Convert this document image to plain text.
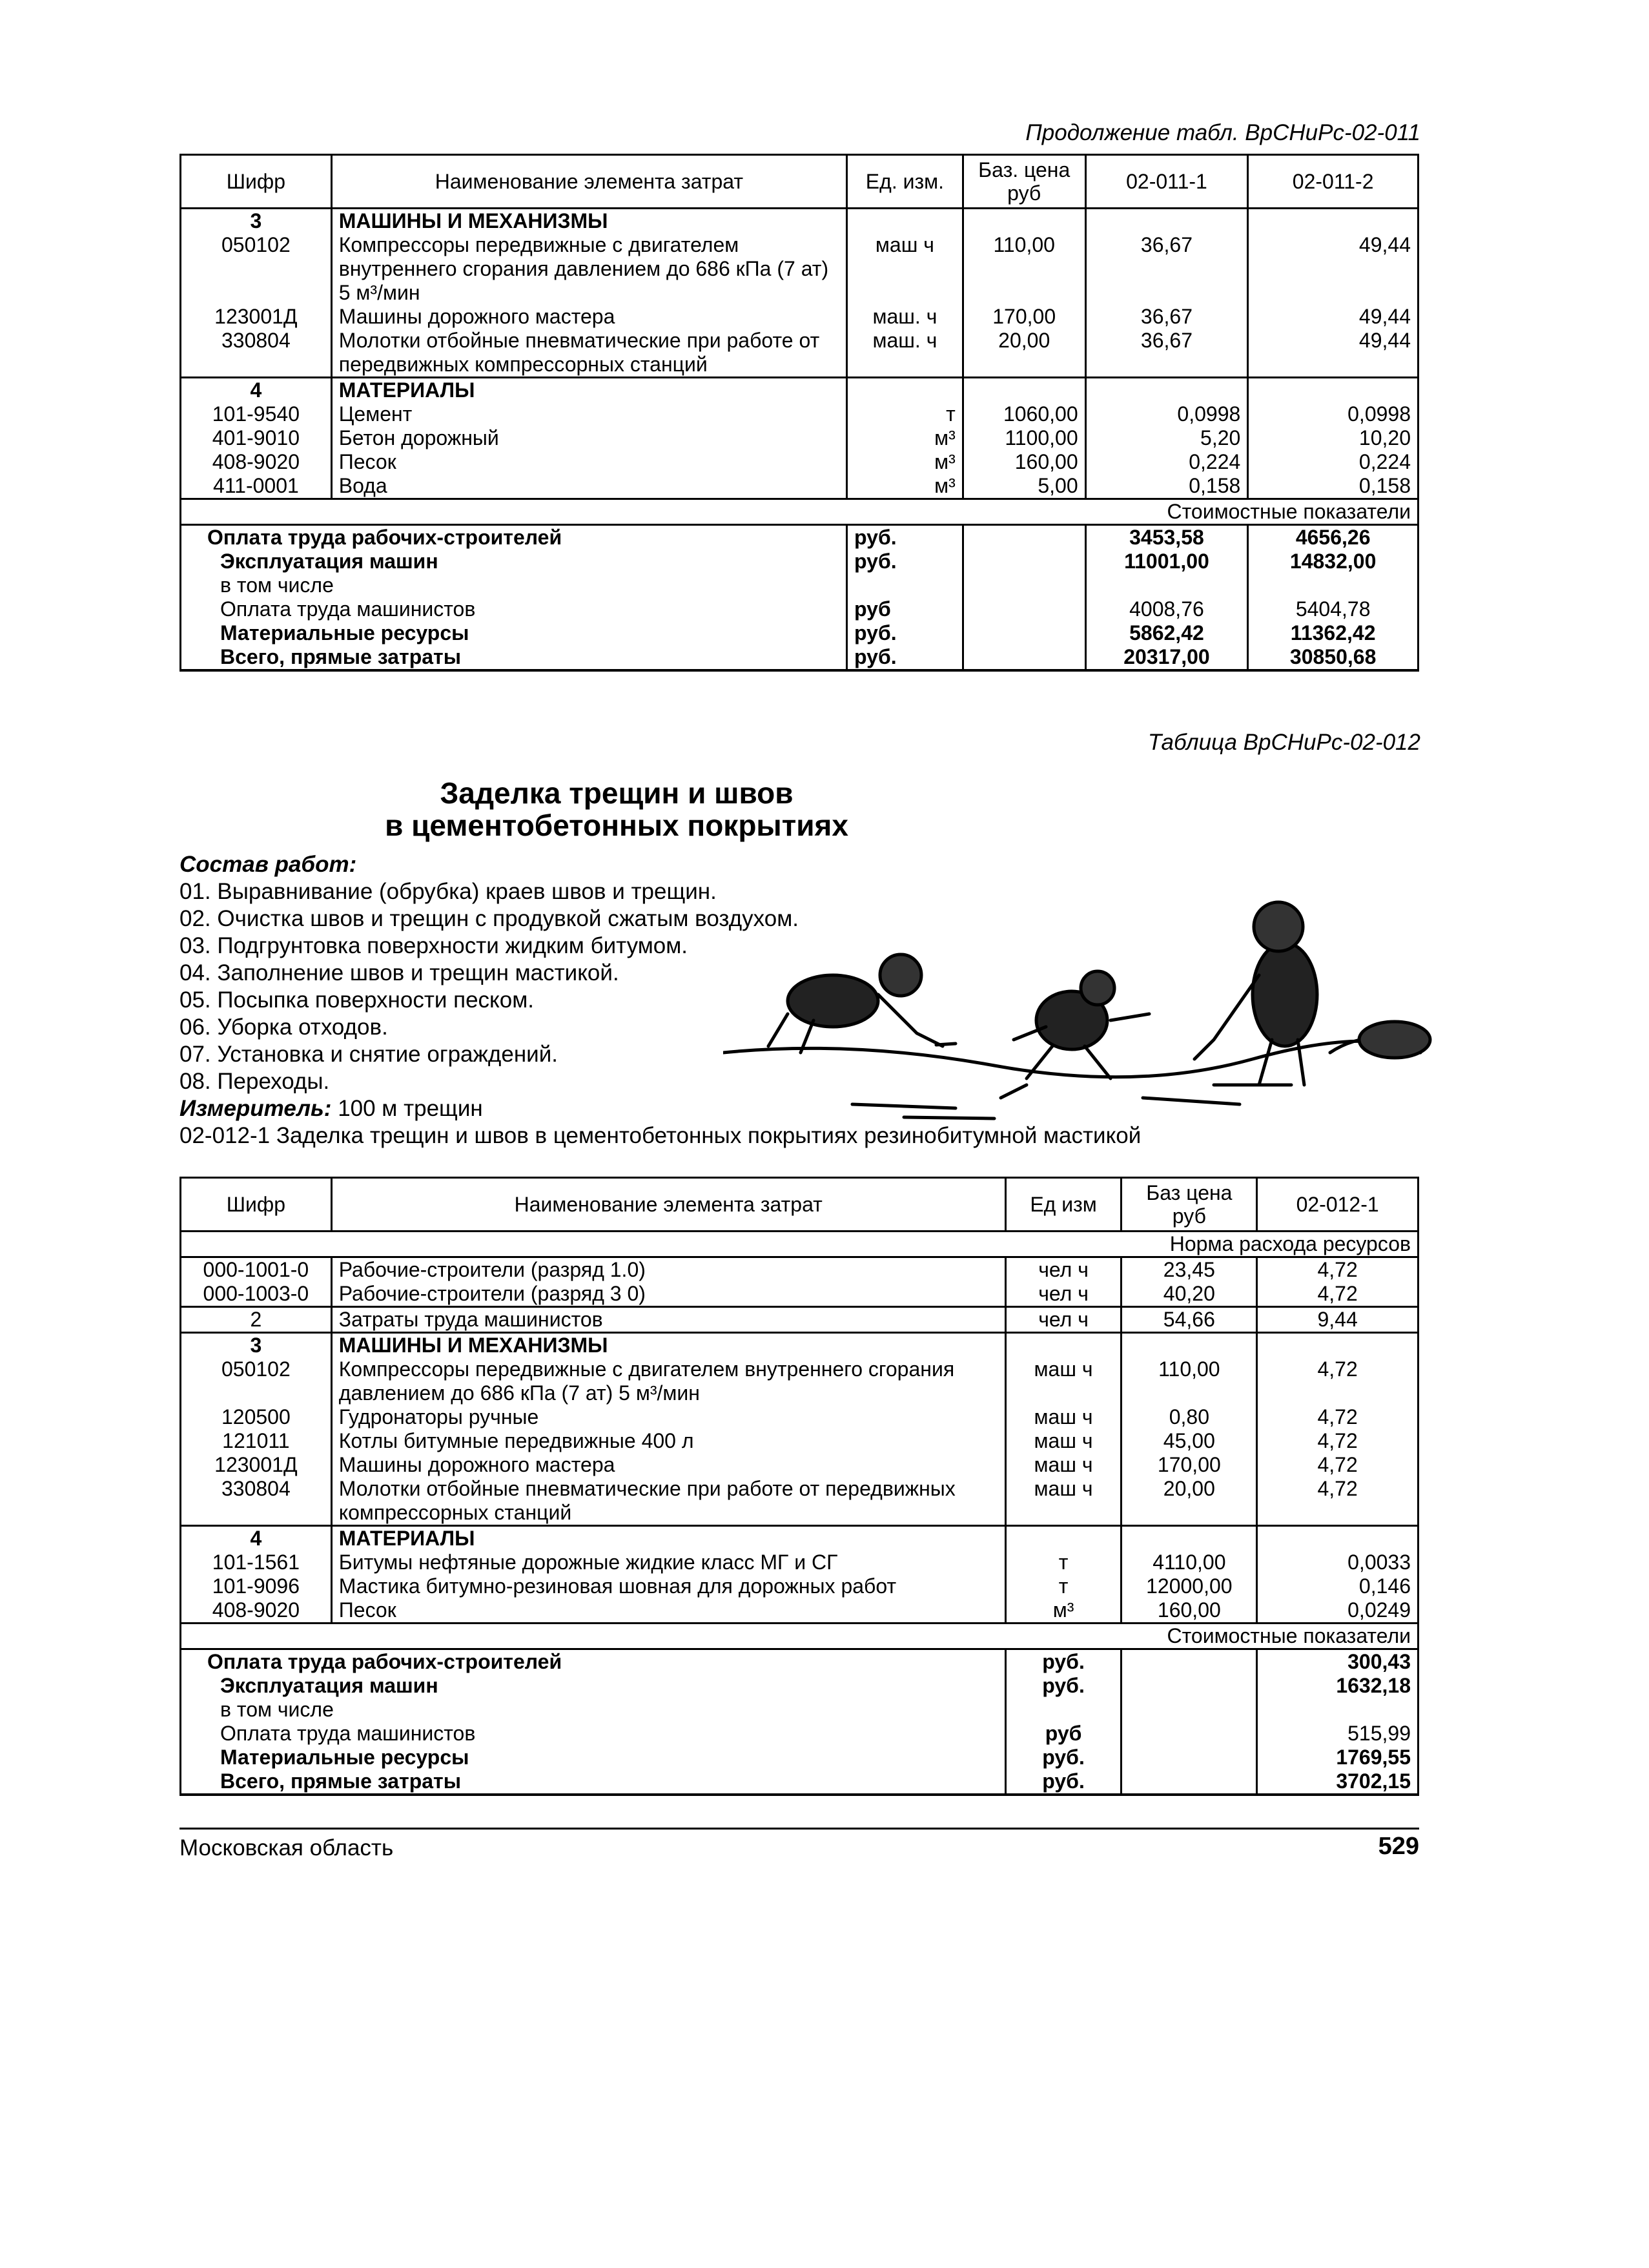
Продолжение табл. ВрСНиРс-02-011
Шифр	Наименование элемента затрат	Ед. изм.	Баз. цена руб	02-011-1	02-011-2
3	МАШИНЫ И МЕХАНИЗМЫ				
050102	Компрессоры передвижные с двигателем внутреннего сгорания давлением до 686 кПа (7 ат) 5 м³/мин	маш ч	110,00	36,67	49,44
123001Д	Машины дорожного мастера	маш. ч	170,00	36,67	49,44
330804	Молотки отбойные пневматические при работе от передвижных компрессорных станций	маш. ч	20,00	36,67	49,44
4	МАТЕРИАЛЫ				
101-9540	Цемент	т	1060,00	0,0998	0,0998
401-9010	Бетон дорожный	м³	1100,00	5,20	10,20
408-9020	Песок	м³	160,00	0,224	0,224
411-0001	Вода	м³	5,00	0,158	0,158
				Стоимостные показатели	
Оплата труда рабочих-строителей		руб.		3453,58	4656,26
Эксплуатация машин		руб.		11001,00	14832,00
в том числе					
Оплата труда машинистов		руб		4008,76	5404,78
Материальные ресурсы		руб.		5862,42	11362,42
Всего, прямые затраты		руб.		20317,00	30850,68
Таблица ВрСНиРс-02-012
Заделка трещин и швов
в цементобетонных покрытиях
Состав работ:
01. Выравнивание (обрубка) краев швов и трещин.
02. Очистка швов и трещин с продувкой сжатым воздухом.
03. Подгрунтовка поверхности жидким битумом.
04. Заполнение швов и трещин мастикой.
05. Посыпка поверхности песком.
06. Уборка отходов.
07. Установка и снятие ограждений.
08. Переходы.
Измеритель: 100 м трещин
02-012-1 Заделка трещин и швов в цементобетонных покрытиях резинобитумной мастикой
Шифр	Наименование элемента затрат	Ед изм	Баз цена руб	02-012-1
			Норма расхода ресурсов	
000-1001-0	Рабочие-строители (разряд 1.0)	чел ч	23,45	4,72
000-1003-0	Рабочие-строители (разряд 3 0)	чел ч	40,20	4,72
2	Затраты труда машинистов	чел ч	54,66	9,44
3	МАШИНЫ И МЕХАНИЗМЫ			
050102	Компрессоры передвижные с двигателем внутреннего сгорания давлением до 686 кПа (7 ат) 5 м³/мин	маш ч	110,00	4,72
120500	Гудронаторы ручные	маш ч	0,80	4,72
121011	Котлы битумные передвижные 400 л	маш ч	45,00	4,72
123001Д	Машины дорожного мастера	маш ч	170,00	4,72
330804	Молотки отбойные пневматические при работе от передвижных компрессорных станций	маш ч	20,00	4,72
4	МАТЕРИАЛЫ			
101-1561	Битумы нефтяные дорожные жидкие класс МГ и СГ	т	4110,00	0,0033
101-9096	Мастика битумно-резиновая шовная для дорожных работ	т	12000,00	0,146
408-9020	Песок	м³	160,00	0,0249
			Стоимостные показатели	
Оплата труда рабочих-строителей		руб.		300,43
Эксплуатация машин		руб.		1632,18
в том числе				
Оплата труда машинистов		руб		515,99
Материальные ресурсы		руб.		1769,55
Всего, прямые затраты		руб.		3702,15
Московская область	529
